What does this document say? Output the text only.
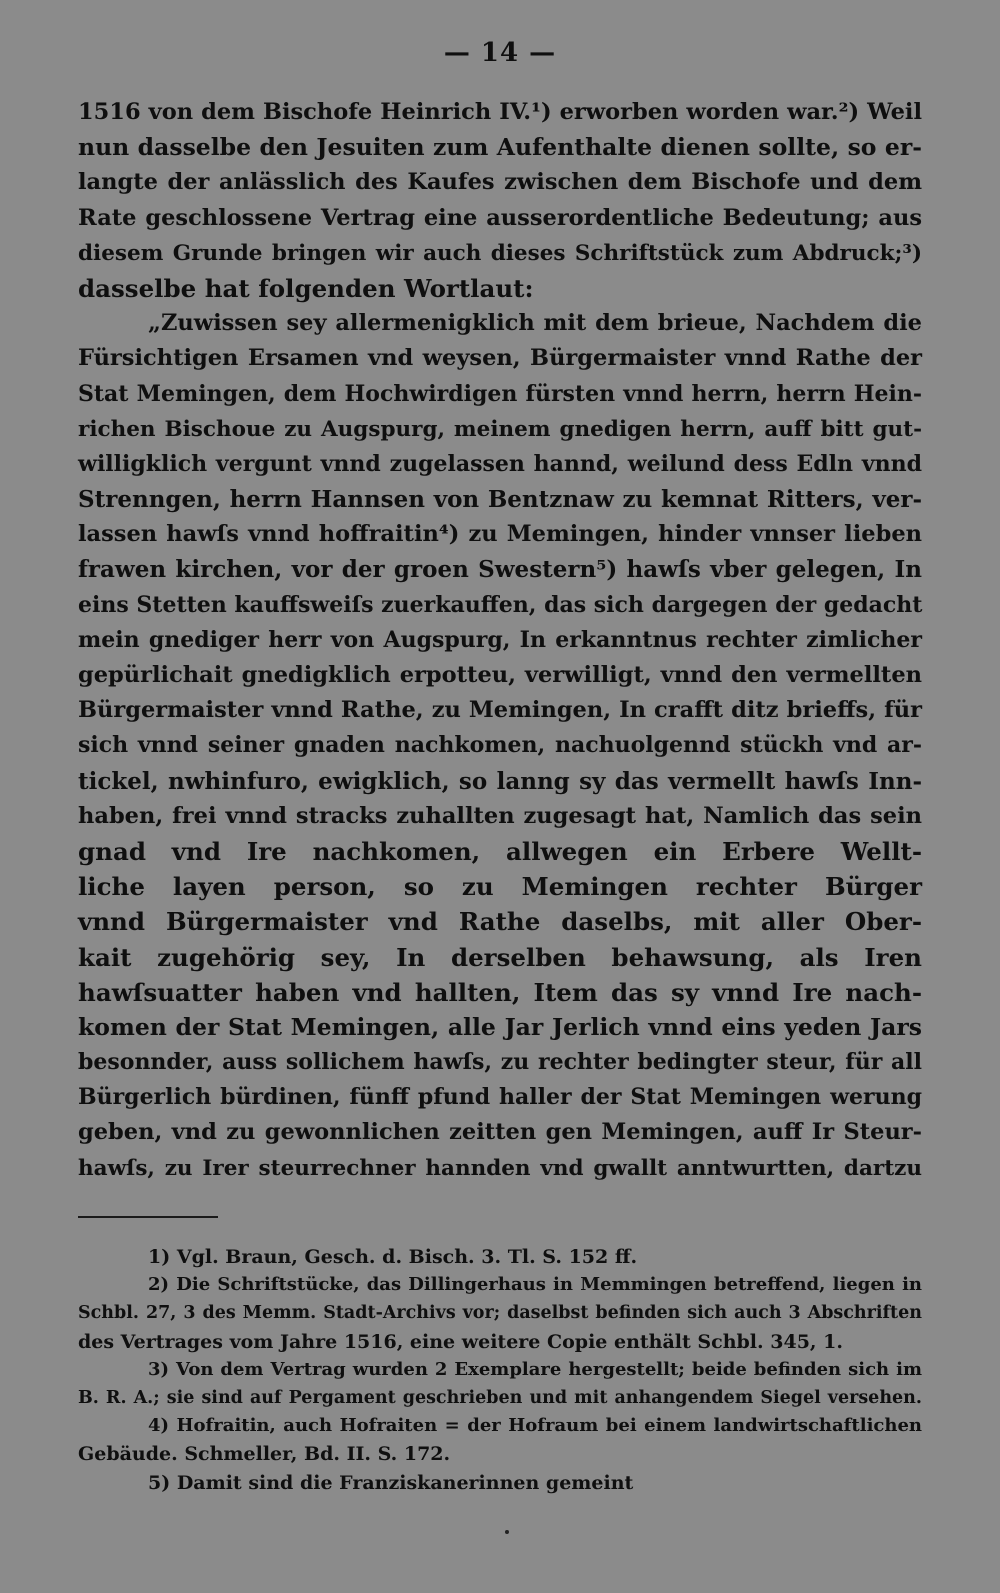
— 14 —
1516 von dem Bischofe Heinrich IV.¹) erworben worden war.²) Weil
nun dasselbe den Jesuiten zum Aufenthalte dienen sollte, so er-
langte der anlässlich des Kaufes zwischen dem Bischofe und dem
Rate geschlossene Vertrag eine ausserordentliche Bedeutung; aus
diesem Grunde bringen wir auch dieses Schriftstück zum Abdruck;³)
dasselbe hat folgenden Wortlaut:
„Zuwissen sey allermenigklich mit dem brieue, Nachdem die
Fürsichtigen Ersamen vnd weysen, Bürgermaister vnnd Rathe der
Stat Memingen, dem Hochwirdigen fürsten vnnd herrn, herrn Hein-
richen Bischoue zu Augspurg, meinem gnedigen herrn, auff bitt gut-
willigklich vergunt vnnd zugelassen hannd, weilund dess Edln vnnd
Strenngen, herrn Hannsen von Bentznaw zu kemnat Ritters, ver-
lassen hawſs vnnd hoffraitin⁴) zu Memingen, hinder vnnser lieben
frawen kirchen, vor der groen Swestern⁵) hawſs vber gelegen, In
eins Stetten kauffsweiſs zuerkauffen, das sich dargegen der gedacht
mein gnediger herr von Augspurg, In erkanntnus rechter zimlicher
gepürlichait gnedigklich erpotteu, verwilligt, vnnd den vermellten
Bürgermaister vnnd Rathe, zu Memingen, In crafft ditz brieffs, für
sich vnnd seiner gnaden nachkomen, nachuolgennd stückh vnd ar-
tickel, nwhinfuro, ewigklich, so lanng sy das vermellt hawſs Inn-
haben, frei vnnd stracks zuhallten zugesagt hat, Namlich das sein
gnad vnd Ire nachkomen, allwegen ein Erbere Wellt-
liche layen person, so zu Memingen rechter Bürger
vnnd Bürgermaister vnd Rathe daselbs, mit aller Ober-
kait zugehörig sey, In derselben behawsung, als Iren
hawſsuatter haben vnd hallten, Item das sy vnnd Ire nach-
komen der Stat Memingen, alle Jar Jerlich vnnd eins yeden Jars
besonnder, auss sollichem hawſs, zu rechter bedingter steur, für all
Bürgerlich bürdinen, fünff pfund haller der Stat Memingen werung
geben, vnd zu gewonnlichen zeitten gen Memingen, auff Ir Steur-
hawſs, zu Irer steurrechner hannden vnd gwallt anntwurtten, dartzu
1) Vgl. Braun, Gesch. d. Bisch. 3. Tl. S. 152 ff.
2) Die Schriftstücke, das Dillingerhaus in Memmingen betreffend, liegen in
Schbl. 27, 3 des Memm. Stadt-Archivs vor; daselbst befinden sich auch 3 Abschriften
des Vertrages vom Jahre 1516, eine weitere Copie enthält Schbl. 345, 1.
3) Von dem Vertrag wurden 2 Exemplare hergestellt; beide befinden sich im
B. R. A.; sie sind auf Pergament geschrieben und mit anhangendem Siegel versehen.
4) Hofraitin, auch Hofraiten = der Hofraum bei einem landwirtschaftlichen
Gebäude. Schmeller, Bd. II. S. 172.
5) Damit sind die Franziskanerinnen gemeint
